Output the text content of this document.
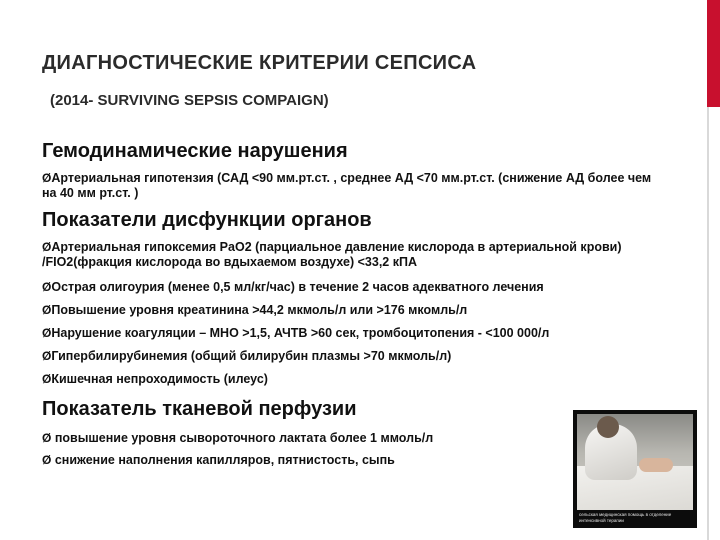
ДИАГНОСТИЧЕСКИЕ КРИТЕРИИ СЕПСИСА
(2014- SURVIVING SEPSIS COMPAIGN)
Гемодинамические нарушения
ØАртериальная гипотензия (САД <90 мм.рт.ст. , среднее АД <70 мм.рт.ст. (снижение АД более чем на 40 мм рт.ст. )
Показатели дисфункции органов
ØАртериальная гипоксемия PaO2 (парциальное давление кислорода в артериальной крови) /FIO2(фракция кислорода во вдыхаемом воздухе) <33,2 кПА
ØОстрая олигоурия (менее 0,5 мл/кг/час) в течение 2 часов адекватного лечения
ØПовышение уровня креатинина >44,2 мкмоль/л или >176 мкомль/л
ØНарушение коагуляции – МНО >1,5, АЧТВ >60 сек, тромбоцитопения - <100 000/л
ØГипербилирубинемия (общий билирубин плазмы >70 мкмоль/л)
ØКишечная непроходимость (илеус)
Показатель тканевой перфузии
Ø повышение уровня сывороточного лактата более 1 ммоль/л
Ø снижение наполнения капилляров, пятнистость, сыпь
сельская медицинская помощь в отделение интенсивной терапии
